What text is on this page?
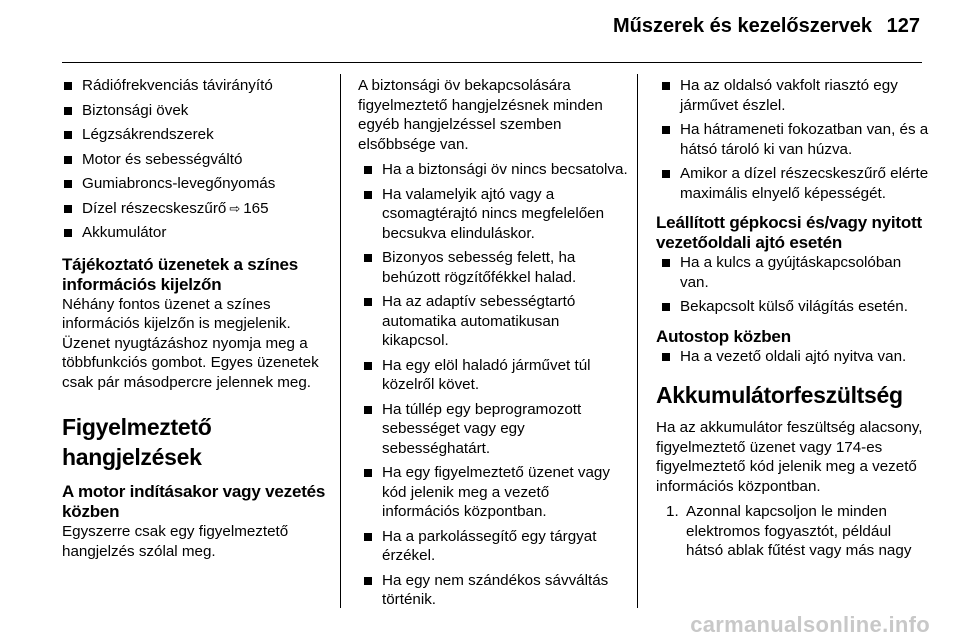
Műszerek és kezelőszervek 127
Rádiófrekvenciás távirányító
Biztonsági övek
Légzsákrendszerek
Motor és sebességváltó
Gumiabroncs-levegőnyomás
Dízel részecskeszűrő ⇨ 165
Akkumulátor
Tájékoztató üzenetek a színes információs kijelzőn

Néhány fontos üzenet a színes információs kijelzőn is megjelenik. Üzenet nyugtázáshoz nyomja meg a többfunkciós gombot. Egyes üzenetek csak pár másodpercre jelennek meg.

Figyelmeztető hangjelzések
A motor indításakor vagy vezetés közben

Egyszerre csak egy figyelmeztető hangjelzés szólal meg.

A biztonsági öv bekapcsolására figyelmeztető hangjelzésnek minden egyéb hangjelzéssel szemben elsőbbsége van.

Ha a biztonsági öv nincs becsatolva.
Ha valamelyik ajtó vagy a csomagtérajtó nincs megfelelően becsukva elinduláskor.
Bizonyos sebesség felett, ha behúzott rögzítőfékkel halad.
Ha az adaptív sebességtartó automatika automatikusan kikapcsol.
Ha egy elöl haladó járművet túl közelről követ.
Ha túllép egy beprogramozott sebességet vagy egy sebességhatárt.
Ha egy figyelmeztető üzenet vagy kód jelenik meg a vezető információs központban.
Ha a parkolássegítő egy tárgyat érzékel.
Ha egy nem szándékos sávváltás történik.
Ha az oldalsó vakfolt riasztó egy járművet észlel.
Ha hátrameneti fokozatban van, és a hátsó tároló ki van húzva.
Amikor a dízel részecskeszűrő elérte maximális elnyelő képességét.
Leállított gépkocsi és/vagy nyitott vezetőoldali ajtó esetén
Ha a kulcs a gyújtáskapcsolóban van.
Bekapcsolt külső világítás esetén.
Autostop közben
Ha a vezető oldali ajtó nyitva van.
Akkumulátorfeszültség

Ha az akkumulátor feszültség alacsony, figyelmeztető üzenet vagy 174-es figyelmeztető kód jelenik meg a vezető információs központban.

1. Azonnal kapcsoljon le minden elektromos fogyasztót, például hátsó ablak fűtést vagy más nagy
carmanualsonline.info
